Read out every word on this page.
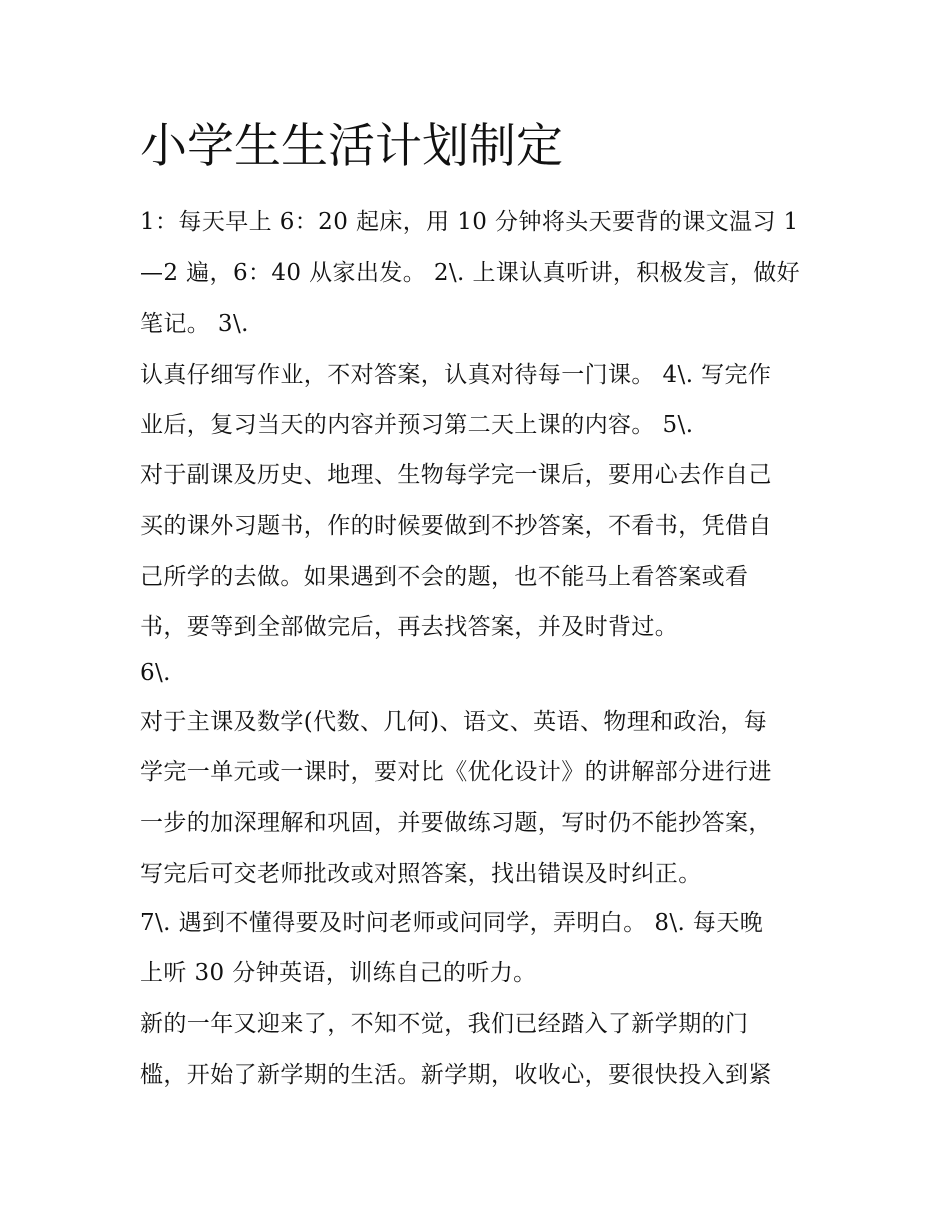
小学生生活计划制定

1：每天早上 6：20 起床，用 10 分钟将头天要背的课文温习 1

—2 遍，6：40 从家出发。 2\. 上课认真听讲，积极发言，做好

笔记。 3\.

认真仔细写作业，不对答案，认真对待每一门课。 4\. 写完作

业后，复习当天的内容并预习第二天上课的内容。 5\.

对于副课及历史、地理、生物每学完一课后，要用心去作自己

买的课外习题书，作的时候要做到不抄答案，不看书，凭借自

己所学的去做。如果遇到不会的题，也不能马上看答案或看

书，要等到全部做完后，再去找答案，并及时背过。

6\.

对于主课及数学(代数、几何)、语文、英语、物理和政治，每

学完一单元或一课时，要对比《优化设计》的讲解部分进行进

一步的加深理解和巩固，并要做练习题，写时仍不能抄答案，

写完后可交老师批改或对照答案，找出错误及时纠正。

7\. 遇到不懂得要及时问老师或问同学，弄明白。 8\. 每天晚

上听 30 分钟英语，训练自己的听力。

新的一年又迎来了，不知不觉，我们已经踏入了新学期的门

槛，开始了新学期的生活。新学期，收收心，要很快投入到紧
